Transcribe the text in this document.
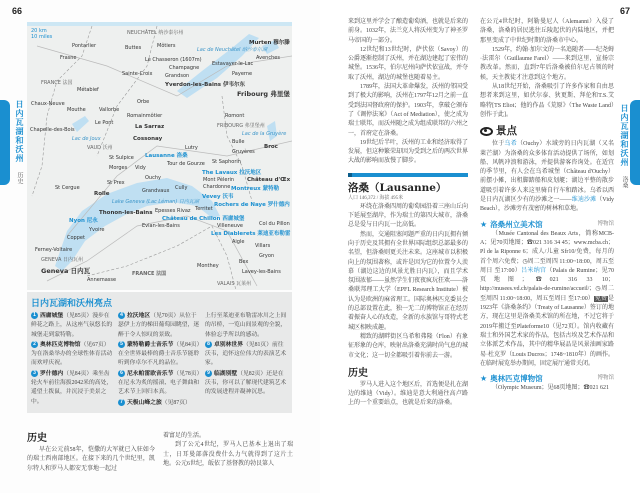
66
日内瓦湖和沃州
历史
20 km
10 miles
Pontarlier
Frasne
FRANCE 法国
Métabief
Chaux-Neuve
Mouthe
Chapelle-des-Bois
NEUCHÂTEL 纳沙泰尔州
Buttes	Môtiers
Le Chasseron (1607m)
Sainte-Croix
Champagne
Grandson
Yverdon-les-Bains 伊韦尔东
Lac de Neuchâtel 纳沙泰尔湖
Estavayer-le-Lac
Payerne
Murten 穆尔滕
Avenches
Fribourg 弗里堡
Orbe
Vallorbe
Romainmôtier
Le Pont
Lac de Joux
La Sarraz
Cossonay
VAUD 沃州
Romont
FRIBOURG 弗里堡州
Lac de la Gruyère
Bulle
Broc
Gruyères
St Sulpice Lausanne 洛桑
Lutry
Morges Vidy
Tour de Gourze St Saphorin
The Lavaux 拉沃地区
Château d'Œx
St Prex
Ouchy	Mont Pèlerin
Chardonne
St Cergue
Rolle
Lake Geneva (Lac Léman) 日内瓦湖
Grandvaux Cully
Epesses
Vevey 沃韦
Montreux 蒙特勒
Rochers de Naye 罗什德内
Thonon-les-Bains	Rivaz
Nyon 尼永	Château de Chillon 西庸城堡
Territet
Evian-les-Bains	Villeneuve
Les Diablerets 莱迪亚布勒雷
Coppet
Yvoire
Col du Pillon
Aigle
Villars
Ferney-Voltaire
Gryon
Bex
GENEVA 日内瓦州
Geneva 日内瓦
Annemasse
FRANCE 法国
Monthey
Lavey-les-Bains
VALAIS 瓦莱州
日内瓦湖和沃州亮点

1 西庸城堡（见85页）漫步在鲜花之路上，从这座气氛悠长的城堡走到蒙特勒。

2 奥林匹克博物馆（见67页）为在洛桑举办的全球性体育活动而欢呼庆祝。

3 罗什德内（见84页）乘坐齿轮火车前往海拔2042米的高处，遥望土拨鼠，并沉浸于美景之中。

4 拉沃地区（见70页）从位于瑟伊上方的梯田葡萄园眺望，迷醉于令人惊叹的景致。

5 蒙特勒爵士音乐节（见84页）在全世界最棒的爵士音乐节能聆听到你卓尔不凡的品位。

6 尼永帕雷欧音乐节（见78页）在尼永为炙的摇滚、电子舞曲和艺术节上回归本真。

7 天极山峰之旅（见87页）

上行至莱迪亚布勒雷冰川之上间的吊桥，一览山间景观的全貌，体验忘乎所以的感动。

8 卓别林世界（见81页）前往沃韦，追怀这位伟大的表演艺术家。

9 临湖别墅（见82页）还是在沃韦，你可以了解现代建筑艺术的发展进程并凝神沉思。

历史

早在公元前58年，恺撒的大军就已入驻如今的瑞士西南部地区。在接下来的几个世纪里，凯尔特人和罗马人都安无事地一起过

着富足的生活。

到了公元4世纪，罗马人已基本上退出了瑞士，日耳曼部落没费什么力气就得到了这片土地。公元6世纪，皈依了基督教的勃艮第人

67
日内瓦湖和沃州
洛桑

来到这里并学会了酿造葡萄酒，也就是后来的前身。1032年，法兰克人将沃州变为了神圣罗马帝国的一部分。

12世纪和13世纪时，萨伏依（Savoy）的公爵逐渐控制了沃州，并在湖边建起了宏伟的城堡。1536年，伯尔尼州向萨伏依宣战，并夺取了沃州，湖边的城堡也随着易主。

1789年，法国大革命爆发，沃州的邻国受到了极大的影响，沃州在1797年12月之前一直受到法国督政府的保护。1903年，拿破仑颁布了《调停法案》（Act of Mediation），使之成为瑞士联邦，而沃州随之成为组成联邦的六州之一，首府定在洛桑。

19世纪后半叶，沃州的工业和经济取得了发展，但这种繁荣却因为受到之后的两次世界大战的影响而放慢了脚步。

洛桑（Lausanne）
人口 146,372 / 海拔 495米

环绕在洛桑四周的葡萄园沿着三座山丘向下延展至湖岸，作为瑞士的第四大城市，洛桑总是爱与日内瓦一比高低。

然而，交通阻塞问题严重的日内瓦拥有倾向于历史及其拥有全世界国际组织总部最多的名望，但洛桑则更关注未来。这座城市以积极向上的氛围著称，或许是因为它的位置令人羡慕（湖边这边的风景尤胜日内瓦），而且学术氛围浓郁——虽然学生们夜夜疯玩狂欢——洛桑联邦理工大学（EPFL Research Institute）被认为是欧洲的麻省理工。国际奥林匹克委员会的总部设置在此，独一无二的博物馆正在经历着振奋人心的改造，全新的水族馆与哥特式老城区相映成趣。

精致的湖畔街区乌希和弗隆（Flon）有象征形象的仓库，映射出洛桑充满时尚气息的城市文化；这一切全都吸引着你前去一游。

历史

罗马人进入这个地区后，首选便是扎在湖边的维迪（Vidy）。维迪是意大利通往高卢路上的一个重要站点，也就是后来的洛桑。

在公元4世纪时，阿勒曼尼人（Alemanni）入侵了洛桑，洛桑的居民逃往丘陵起伏的内陆地区，并把那里变成了中世纪时期的洛桑市中心。

1529年，约翰·加尔文的一名追随者——纪尧姆·法雷尔（Guillaume Farel）——来到这里，宣扬宗教改革。然而，直到7年后洛桑被伯尔尼占领的时候，天主教徒才注意到这个地方。

从18世纪开始，洛桑吸引了许多作家和自由思想者来到这里，如伏尔泰、狄更斯、拜伦和T.S.艾略特[TS Eliot；他的作品《荒原》（The Waste Land）创作于此]。

景点

位于乌希（Ouchy）水域旁的日内瓦湖（又名莱芒湖）为洛桑的众多体育活动提供了场所，如划船、风帆冲浪和游泳，并提供游客咨询处。在适宜的季节里，有人会在乌希城堡（Château d'Ouchy）前摆小摊，出租脚踏船和皮划艇；湖边平整的散步道吸引着许多人来这里骑自行车和踏冰。乌希以西是日内瓦湖区少有的沙滩之一——维迪沙滩（Vidy Beach），沙滩旁有茂密的树林和草地。

★ 洛桑州立美术馆	博物馆

（Musée Cantonal des Beaux Arts，简称MCB-A；见70页地图；☎021 316 34 45；www.mcba.ch；Pl de la Riponne 6；成人/儿童 Sfr10/免费，每月的首个周六免费；◷周二至周四 11:00~18:00，周五至周日 至17:00）吕米纳宫（Palais de Rumine；见70页地图；☎021 316 33 10；http://musees.vd.ch/palais-de-rumine/accueil/；◷周二至周四 11:00~18:00，周五至周日 至17:00）免费是1923年《洛桑条约》（Treaty of Lausanne）签订的地方，现在这里是洛桑美术馆的所在地，不过它将于2019年搬迁至Plateforme10（见72页）。馆内收藏有瑞士和外国艺术家的作品，包括古埃及艺术作品和立体派艺术作品，其中的精华展品是风景油画家路易·杜克罗（Louis Ducros；1748~1810年）的画作。在临时展览举办期间，固定展厅通常关闭。

★ 奥林匹克博物馆	博物馆

（Olympic Museum；见68页地图；☎021 621
